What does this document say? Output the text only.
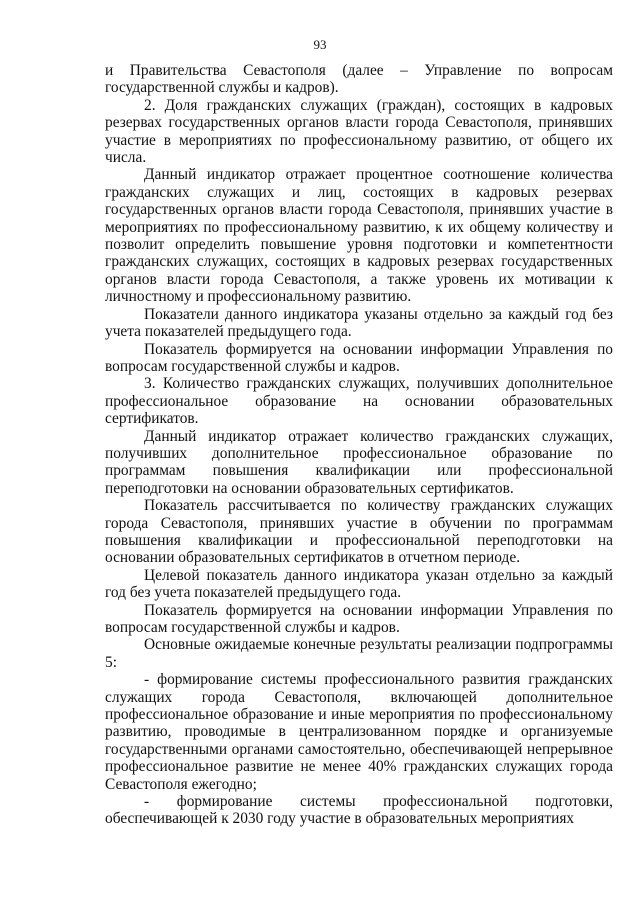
93

и Правительства Севастополя (далее – Управление по вопросам государственной службы и кадров).

2. Доля гражданских служащих (граждан), состоящих в кадровых резервах государственных органов власти города Севастополя, принявших участие в мероприятиях по профессиональному развитию, от общего их числа.

Данный индикатор отражает процентное соотношение количества гражданских служащих и лиц, состоящих в кадровых резервах государственных органов власти города Севастополя, принявших участие в мероприятиях по профессиональному развитию, к их общему количеству и позволит определить повышение уровня подготовки и компетентности гражданских служащих, состоящих в кадровых резервах государственных органов власти города Севастополя, а также уровень их мотивации к личностному и профессиональному развитию.

Показатели данного индикатора указаны отдельно за каждый год без учета показателей предыдущего года.

Показатель формируется на основании информации Управления по вопросам государственной службы и кадров.

3. Количество гражданских служащих, получивших дополнительное профессиональное образование на основании образовательных сертификатов.

Данный индикатор отражает количество гражданских служащих, получивших дополнительное профессиональное образование по программам повышения квалификации или профессиональной переподготовки на основании образовательных сертификатов.

Показатель рассчитывается по количеству гражданских служащих города Севастополя, принявших участие в обучении по программам повышения квалификации и профессиональной переподготовки на основании образовательных сертификатов в отчетном периоде.

Целевой показатель данного индикатора указан отдельно за каждый год без учета показателей предыдущего года.

Показатель формируется на основании информации Управления по вопросам государственной службы и кадров.

Основные ожидаемые конечные результаты реализации подпрограммы 5:

- формирование системы профессионального развития гражданских служащих города Севастополя, включающей дополнительное профессиональное образование и иные мероприятия по профессиональному развитию, проводимые в централизованном порядке и организуемые государственными органами самостоятельно, обеспечивающей непрерывное профессиональное развитие не менее 40% гражданских служащих города Севастополя ежегодно;

- формирование системы профессиональной подготовки, обеспечивающей к 2030 году участие в образовательных мероприятиях
